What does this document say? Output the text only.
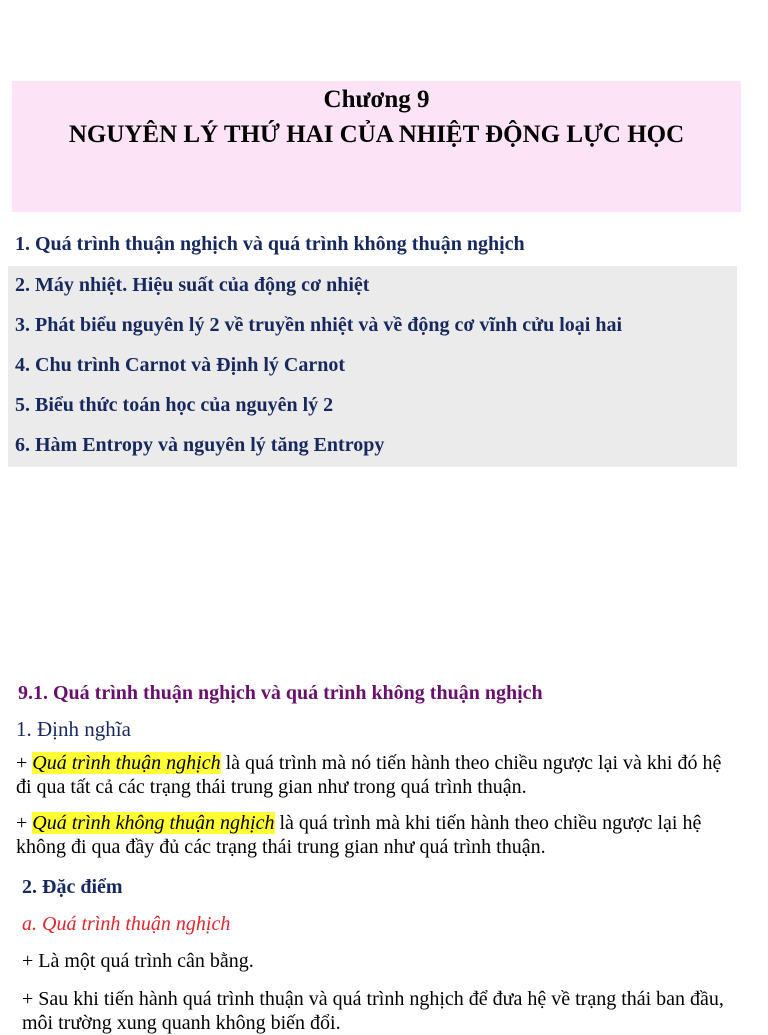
Chương 9
NGUYÊN LÝ THỨ HAI CỦA NHIỆT ĐỘNG LỰC HỌC
1. Quá trình thuận nghịch và quá trình không thuận nghịch
2. Máy nhiệt. Hiệu suất của động cơ nhiệt
3. Phát biểu nguyên lý 2 về truyền nhiệt và về động cơ vĩnh cửu loại hai
4. Chu trình Carnot và Định lý Carnot
5. Biểu thức toán học của nguyên lý 2
6. Hàm Entropy và nguyên lý tăng Entropy
9.1. Quá trình thuận nghịch và quá trình không thuận nghịch
1. Định nghĩa
+ Quá trình thuận nghịch là quá trình mà nó tiến hành theo chiều ngược lại và khi đó hệ đi qua tất cả các trạng thái trung gian như trong quá trình thuận.
+ Quá trình không thuận nghịch là quá trình mà khi tiến hành theo chiều ngược lại hệ không đi qua đầy đủ các trạng thái trung gian như quá trình thuận.
2. Đặc điểm
a. Quá trình thuận nghịch
+ Là một quá trình cân bằng.
+ Sau khi tiến hành quá trình thuận và quá trình nghịch để đưa hệ về trạng thái ban đầu, môi trường xung quanh không biến đổi.
